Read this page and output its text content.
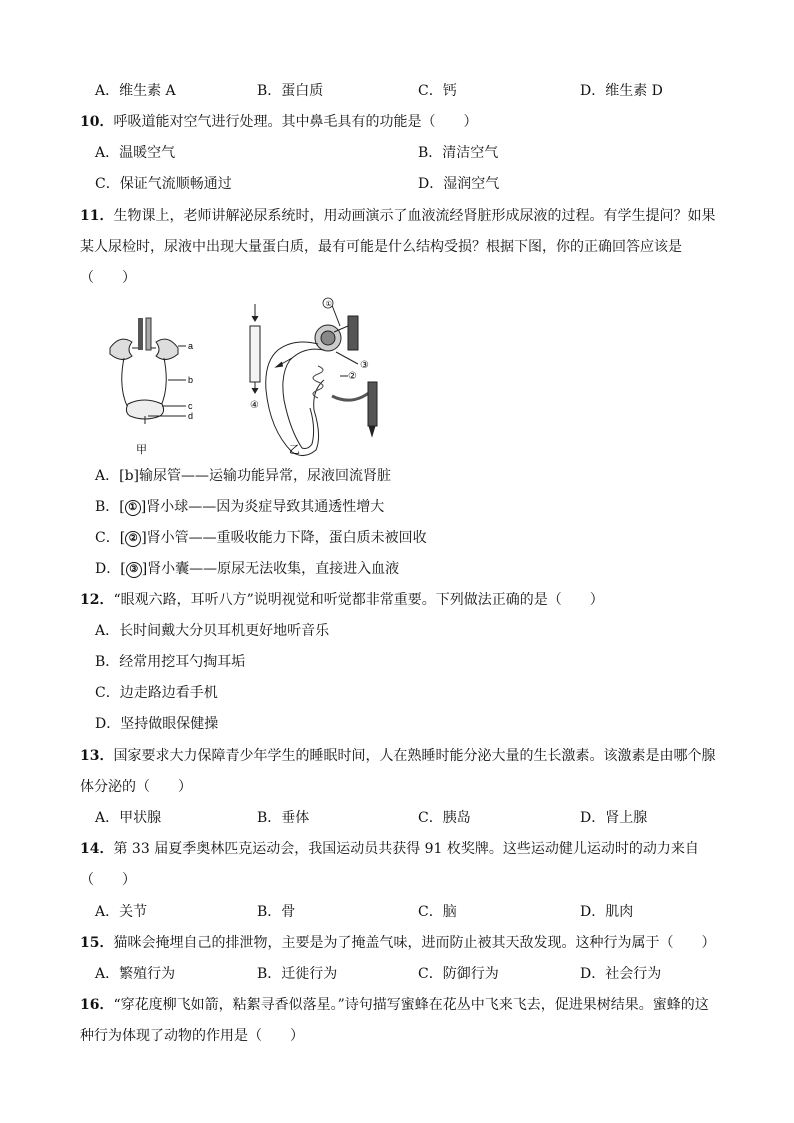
A．维生素 A	B．蛋白质	C．钙	D．维生素 D
10．呼吸道能对空气进行处理。其中鼻毛具有的功能是（　　）
A．温暖空气	B．清洁空气
C．保证气流顺畅通过	D．湿润空气
11．生物课上，老师讲解泌尿系统时，用动画演示了血液流经肾脏形成尿液的过程。有学生提问？如果
某人尿检时，尿液中出现大量蛋白质，最有可能是什么结构受损？根据下图，你的正确回答应该是
（　　）
a
b
c
d
甲
①
②
③
④
乙
A．[b]输尿管——运输功能异常，尿液回流肾脏
B．[ ① ]肾小球——因为炎症导致其通透性增大
C．[ ② ]肾小管——重吸收能力下降，蛋白质未被回收
D．[ ③ ]肾小囊——原尿无法收集，直接进入血液
12．“眼观六路，耳听八方”说明视觉和听觉都非常重要。下列做法正确的是（　　）
A．长时间戴大分贝耳机更好地听音乐
B．经常用挖耳勺掏耳垢
C．边走路边看手机
D．坚持做眼保健操
13．国家要求大力保障青少年学生的睡眠时间，人在熟睡时能分泌大量的生长激素。该激素是由哪个腺
体分泌的（　　）
A．甲状腺	B．垂体	C．胰岛	D．肾上腺
14．第 33 届夏季奥林匹克运动会，我国运动员共获得 91 枚奖牌。这些运动健儿运动时的动力来自
（　　）
A．关节	B．骨	C．脑	D．肌肉
15．猫咪会掩埋自己的排泄物，主要是为了掩盖气味，进而防止被其天敌发现。这种行为属于（　　）
A．繁殖行为	B．迁徙行为	C．防御行为	D．社会行为
16．“穿花度柳飞如箭，粘絮寻香似落星。”诗句描写蜜蜂在花丛中飞来飞去，促进果树结果。蜜蜂的这
种行为体现了动物的作用是（　　）
